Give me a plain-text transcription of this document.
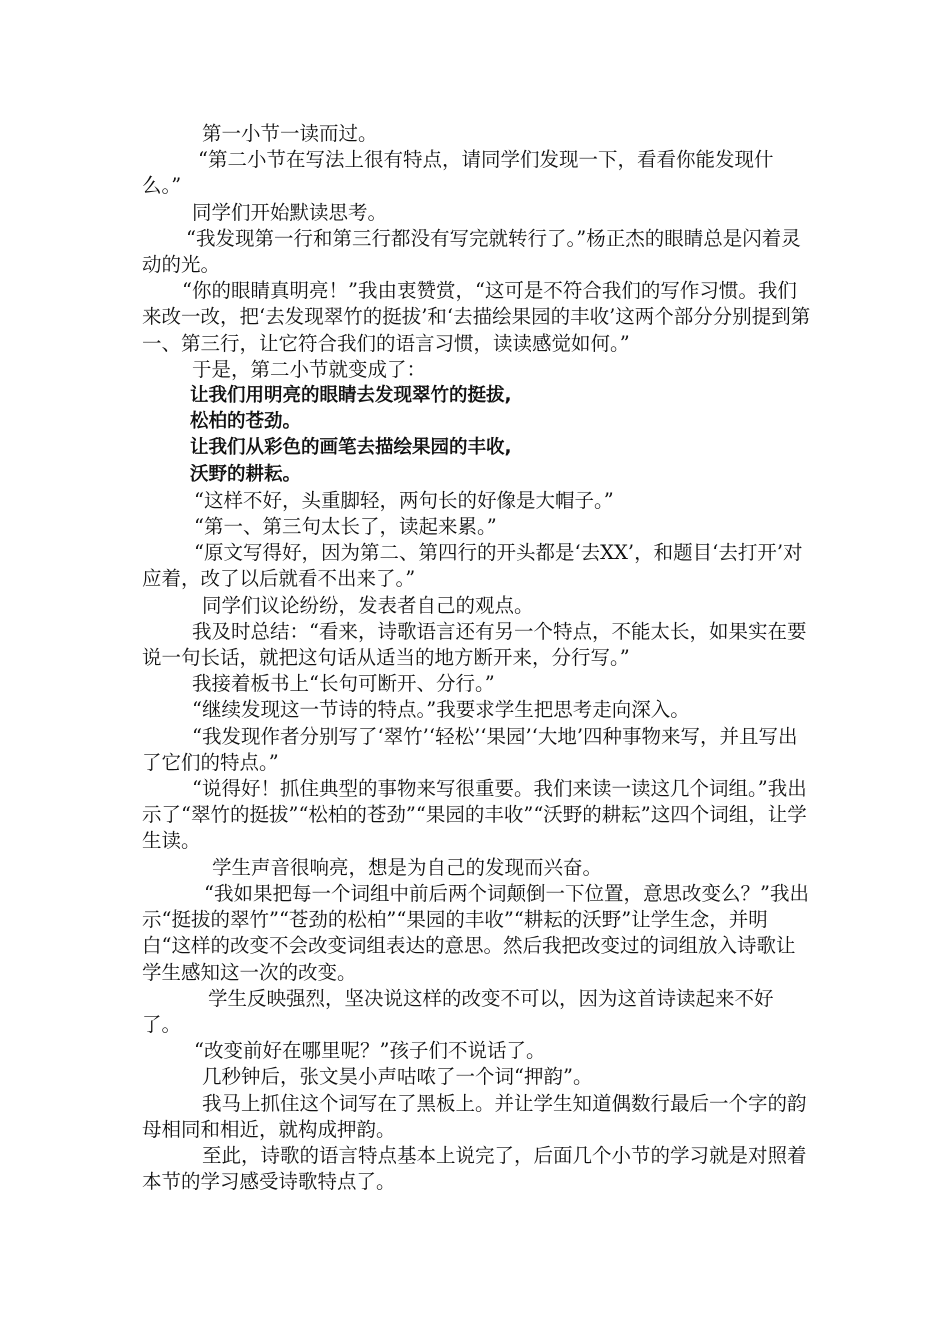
第一小节一读而过。

“第二小节在写法上很有特点，请同学们发现一下，看看你能发现什么。”

同学们开始默读思考。

“我发现第一行和第三行都没有写完就转行了。”杨正杰的眼睛总是闪着灵动的光。

“你的眼睛真明亮！”我由衷赞赏，“这可是不符合我们的写作习惯。我们来改一改，把‘去发现翠竹的挺拔’和‘去描绘果园的丰收’这两个部分分别提到第一、第三行，让它符合我们的语言习惯，读读感觉如何。”

于是，第二小节就变成了：

让我们用明亮的眼睛去发现翠竹的挺拔,

松柏的苍劲。

让我们从彩色的画笔去描绘果园的丰收,

沃野的耕耘。

“这样不好，头重脚轻，两句长的好像是大帽子。”

“第一、第三句太长了，读起来累。”

“原文写得好，因为第二、第四行的开头都是‘去XX’，和题目‘去打开’对应着，改了以后就看不出来了。”

同学们议论纷纷，发表者自己的观点。

我及时总结：“看来，诗歌语言还有另一个特点，不能太长，如果实在要说一句长话，就把这句话从适当的地方断开来，分行写。”

我接着板书上“长句可断开、分行。”

“继续发现这一节诗的特点。”我要求学生把思考走向深入。

“我发现作者分别写了‘翠竹’‘轻松’‘果园’‘大地’四种事物来写，并且写出了它们的特点。”

“说得好！抓住典型的事物来写很重要。我们来读一读这几个词组。”我出示了“翠竹的挺拔”“松柏的苍劲”“果园的丰收”“沃野的耕耘”这四个词组，让学生读。

学生声音很响亮，想是为自己的发现而兴奋。

“我如果把每一个词组中前后两个词颠倒一下位置，意思改变么？”我出示“挺拔的翠竹”“苍劲的松柏”“果园的丰收”“耕耘的沃野”让学生念，并明白“这样的改变不会改变词组表达的意思。然后我把改变过的词组放入诗歌让学生感知这一次的改变。

学生反映强烈，坚决说这样的改变不可以，因为这首诗读起来不好了。

“改变前好在哪里呢？”孩子们不说话了。

几秒钟后，张文昊小声咕哝了一个词“押韵”。

我马上抓住这个词写在了黑板上。并让学生知道偶数行最后一个字的韵母相同和相近，就构成押韵。

至此，诗歌的语言特点基本上说完了，后面几个小节的学习就是对照着本节的学习感受诗歌特点了。
